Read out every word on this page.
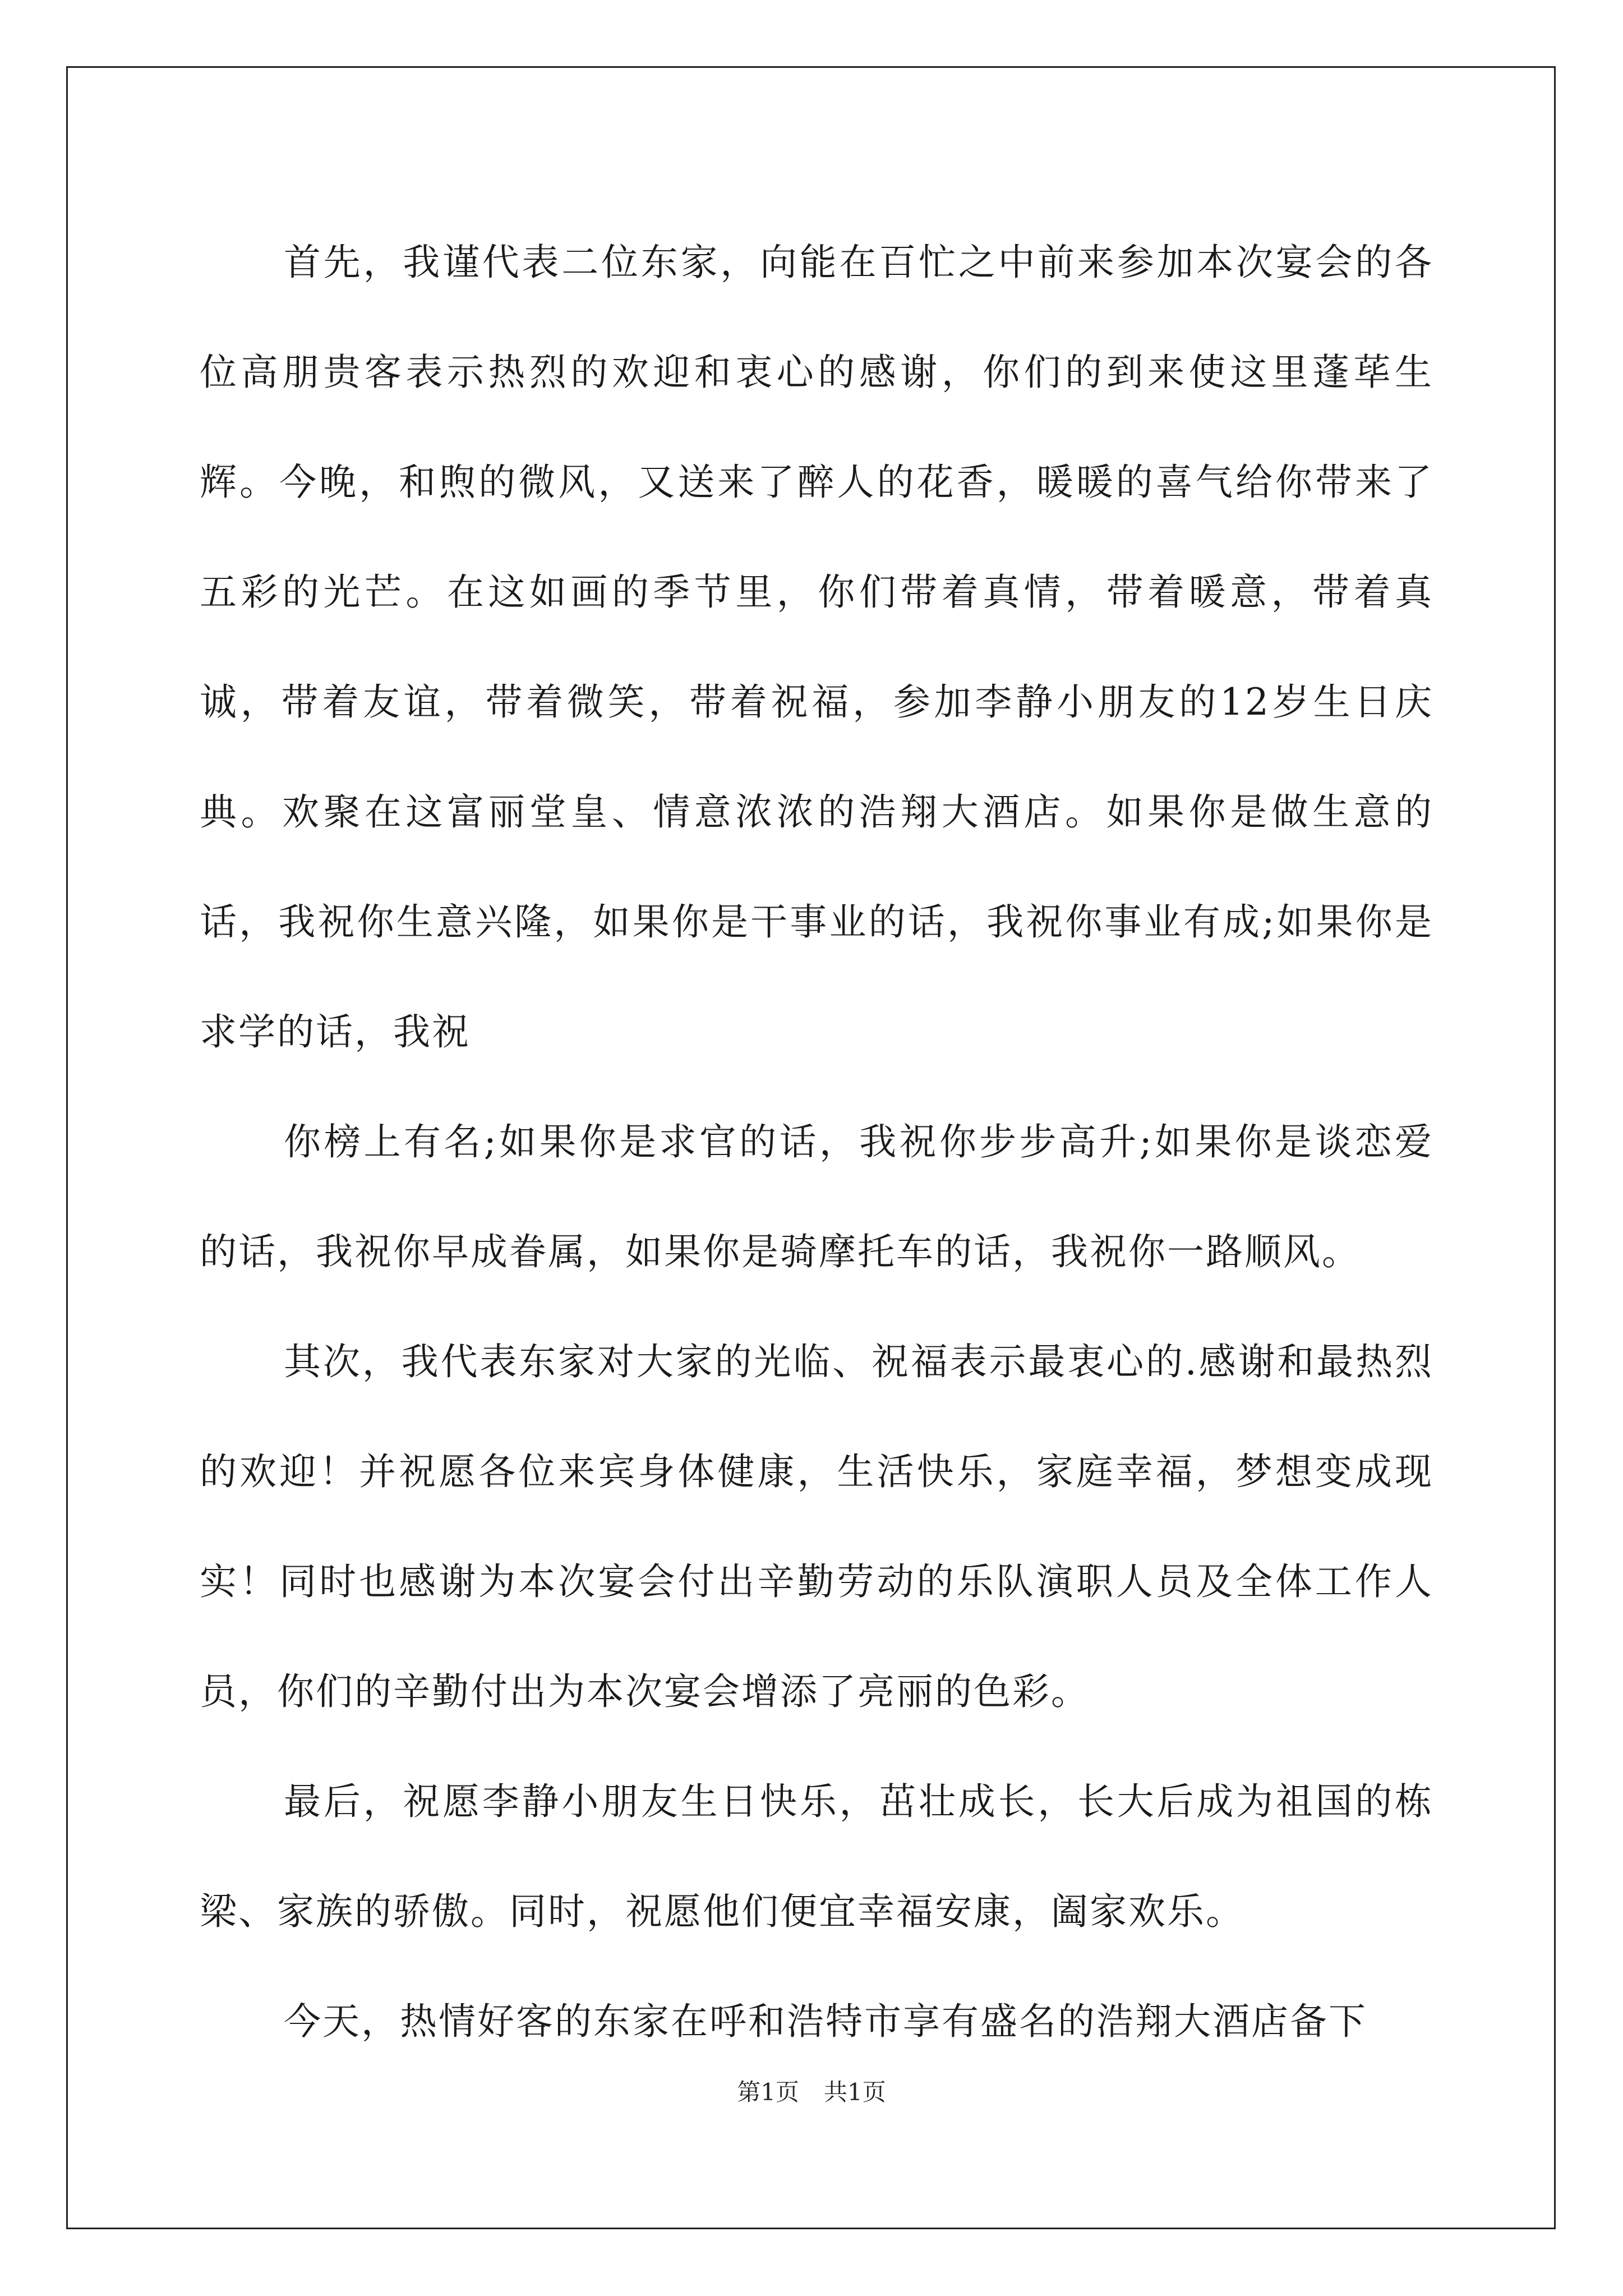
首先，我谨代表二位东家，向能在百忙之中前来参加本次宴会的各位高朋贵客表示热烈的欢迎和衷心的感谢，你们的到来使这里蓬荜生辉。今晚，和煦的微风，又送来了醉人的花香，暖暖的喜气给你带来了五彩的光芒。在这如画的季节里，你们带着真情，带着暖意，带着真诚，带着友谊，带着微笑，带着祝福，参加李静小朋友的12岁生日庆典。欢聚在这富丽堂皇、情意浓浓的浩翔大酒店。如果你是做生意的话，我祝你生意兴隆，如果你是干事业的话，我祝你事业有成;如果你是求学的话，我祝

你榜上有名;如果你是求官的话，我祝你步步高升;如果你是谈恋爱的话，我祝你早成眷属，如果你是骑摩托车的话，我祝你一路顺风。

其次，我代表东家对大家的光临、祝福表示最衷心的.感谢和最热烈的欢迎！并祝愿各位来宾身体健康，生活快乐，家庭幸福，梦想变成现实！同时也感谢为本次宴会付出辛勤劳动的乐队演职人员及全体工作人员，你们的辛勤付出为本次宴会增添了亮丽的色彩。

最后，祝愿李静小朋友生日快乐，茁壮成长，长大后成为祖国的栋梁、家族的骄傲。同时，祝愿他们便宜幸福安康，阖家欢乐。

今天，热情好客的东家在呼和浩特市享有盛名的浩翔大酒店备下

第1页 共1页
